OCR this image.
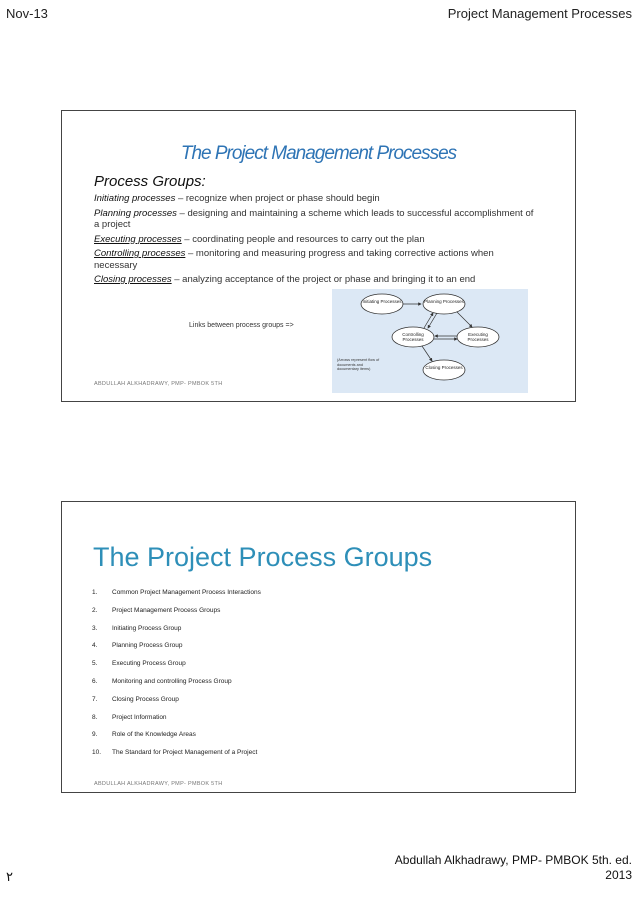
Nov-13	Project Management Processes
The Project Management Processes
Process Groups:

Initiating processes – recognize when project or phase should begin

Planning processes – designing and maintaining a scheme which leads to successful accomplishment of a project

Executing processes – coordinating people and resources to carry out the plan

Controlling processes – monitoring and measuring progress and taking corrective actions when necessary

Closing processes – analyzing acceptance of the project or phase and bringing it to an end

Links between process groups =>
Initiating Processes	Planning Processes
Controlling Processes
Executing Processes
Closing Processes
(Arrows represent flow of documents and documentary items)
ABDULLAH ALKHADRAWY, PMP- PMBOK 5TH
The Project Process Groups
1. Common Project Management Process Interactions
2. Project Management Process Groups
3. Initiating Process Group
4. Planning Process Group
5. Executing Process Group
6. Monitoring and controlling Process Group
7. Closing Process Group
8. Project Information
9. Role of the Knowledge Areas
10. The Standard for Project Management of a Project
ABDULLAH ALKHADRAWY, PMP- PMBOK 5TH
Abdullah Alkhadrawy, PMP- PMBOK 5th. ed.
2013
٢
